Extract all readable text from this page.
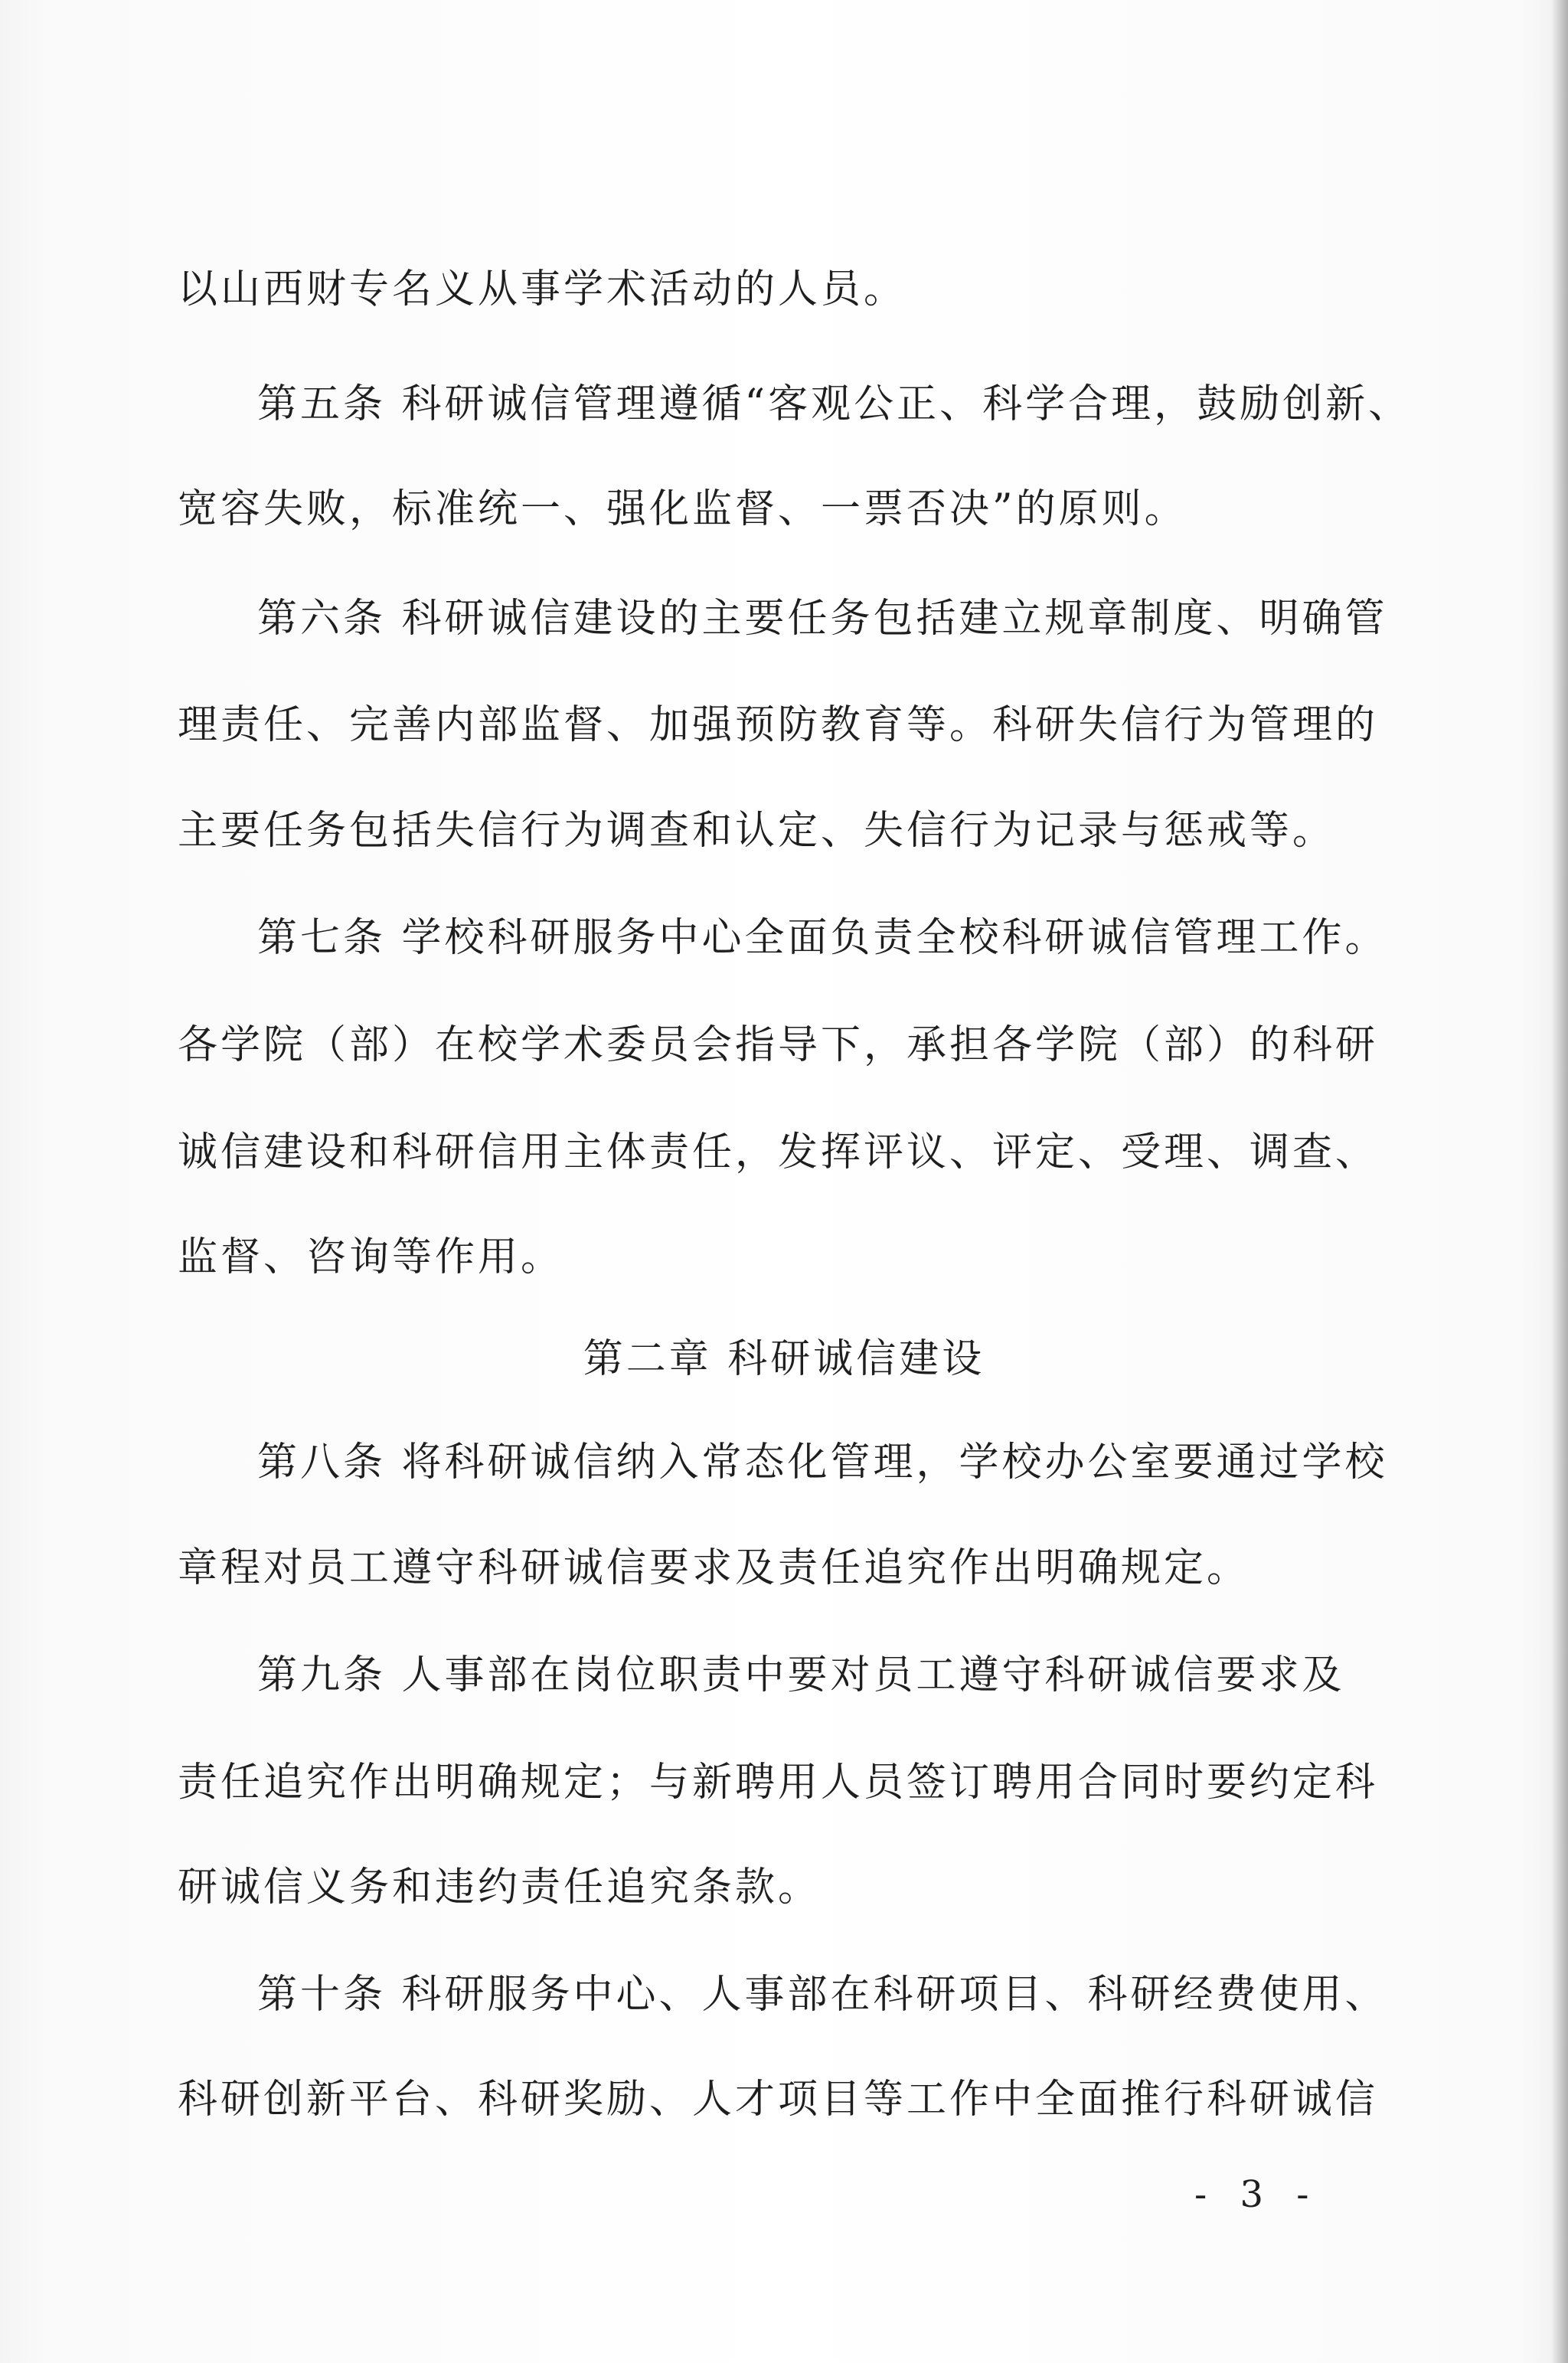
以山西财专名义从事学术活动的人员。
第五条 科研诚信管理遵循“客观公正、科学合理，鼓励创新、
宽容失败，标准统一、强化监督、一票否决”的原则。
第六条 科研诚信建设的主要任务包括建立规章制度、明确管
理责任、完善内部监督、加强预防教育等。科研失信行为管理的
主要任务包括失信行为调查和认定、失信行为记录与惩戒等。
第七条 学校科研服务中心全面负责全校科研诚信管理工作。
各学院（部）在校学术委员会指导下，承担各学院（部）的科研
诚信建设和科研信用主体责任，发挥评议、评定、受理、调查、
监督、咨询等作用。
第二章 科研诚信建设
第八条 将科研诚信纳入常态化管理，学校办公室要通过学校
章程对员工遵守科研诚信要求及责任追究作出明确规定。
第九条 人事部在岗位职责中要对员工遵守科研诚信要求及
责任追究作出明确规定；与新聘用人员签订聘用合同时要约定科
研诚信义务和违约责任追究条款。
第十条 科研服务中心、人事部在科研项目、科研经费使用、
科研创新平台、科研奖励、人才项目等工作中全面推行科研诚信
- 3 -
